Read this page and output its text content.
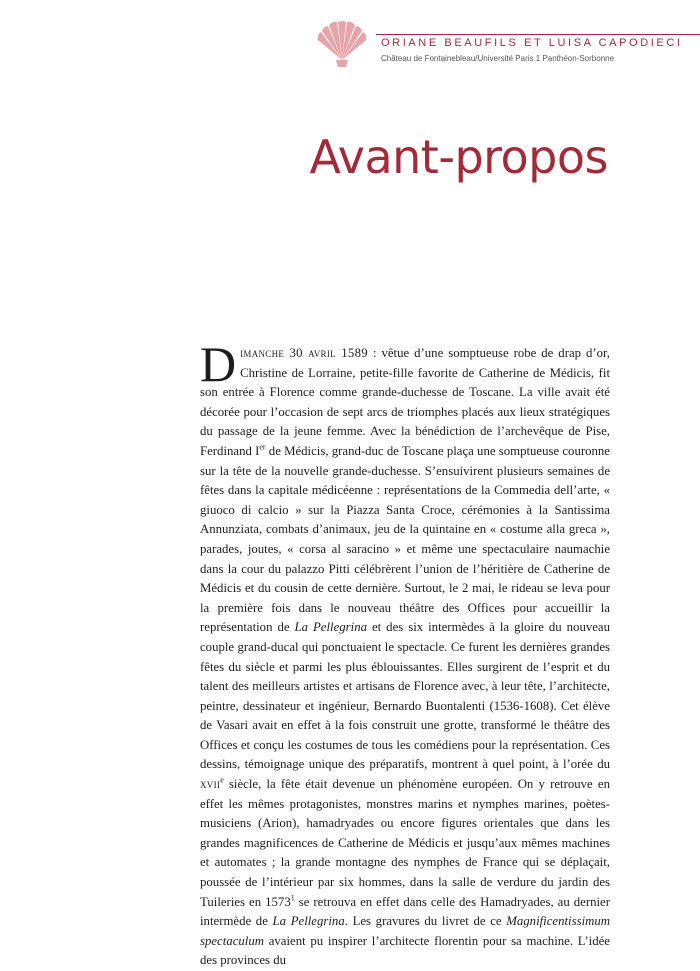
ORIANE BEAUFILS ET LUISA CAPODIECI
Château de Fontainebleau/Université Paris 1 Panthéon-Sorbonne
Avant-propos

Dimanche 30 avril 1589 : vêtue d’une somptueuse robe de drap d’or, Christine de Lorraine, petite-fille favorite de Catherine de Médicis, fit son entrée à Florence comme grande-duchesse de Toscane. La ville avait été décorée pour l’occasion de sept arcs de triomphes placés aux lieux stratégiques du passage de la jeune femme. Avec la bénédiction de l’archevêque de Pise, Ferdinand Ier de Médicis, grand-duc de Toscane plaça une somptueuse couronne sur la tête de la nouvelle grande-duchesse. S’ensuivirent plusieurs semaines de fêtes dans la capitale médicéenne : représentations de la Commedia dell’arte, « giuoco di calcio » sur la Piazza Santa Croce, cérémonies à la Santissima Annunziata, combats d’animaux, jeu de la quintaine en « costume alla greca », parades, joutes, « corsa al saracino » et même une spectaculaire naumachie dans la cour du palazzo Pitti célébrèrent l’union de l’héritière de Catherine de Médicis et du cousin de cette dernière. Surtout, le 2 mai, le rideau se leva pour la première fois dans le nouveau théâtre des Offices pour accueillir la représentation de La Pellegrina et des six intermèdes à la gloire du nouveau couple grand-ducal qui ponctuaient le spectacle. Ce furent les dernières grandes fêtes du siècle et parmi les plus éblouissantes. Elles surgirent de l’esprit et du talent des meilleurs artistes et artisans de Florence avec, à leur tête, l’architecte, peintre, dessinateur et ingénieur, Bernardo Buontalenti (1536-1608). Cet élève de Vasari avait en effet à la fois construit une grotte, transformé le théâtre des Offices et conçu les costumes de tous les comédiens pour la représentation. Ces dessins, témoignage unique des préparatifs, montrent à quel point, à l’orée du xvii$^e$ siècle, la fête était devenue un phénomène européen. On y retrouve en effet les mêmes protagonistes, monstres marins et nymphes marines, poètes-musiciens (Arion), hamadryades ou encore figures orientales que dans les grandes magnificences de Catherine de Médicis et jusqu’aux mêmes machines et automates ; la grande montagne des nymphes de France qui se déplaçait, poussée de l’intérieur par six hommes, dans la salle de verdure du jardin des Tuileries en 1573$^1$ se retrouva en effet dans celle des Hamadryades, au dernier intermède de La Pellegrina. Les gravures du livret de ce Magnificentissimum spectaculum avaient pu inspirer l’architecte florentin pour sa machine. L’idée des provinces du
